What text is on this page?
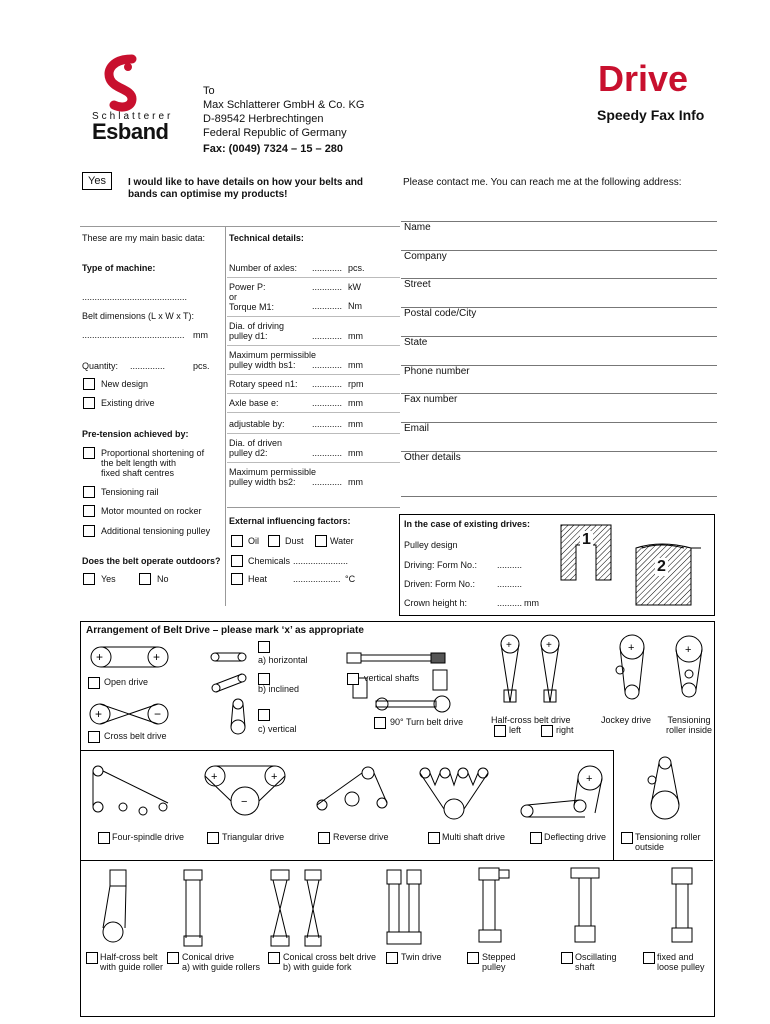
Schlatterer
Esband
To
Max Schlatterer GmbH & Co. KG
D-89542 Herbrechtingen
Federal Republic of Germany
Fax: (0049) 7324 – 15 – 280
Drive
Speedy Fax Info
Yes	I would like to have details on how your belts and bands can optimise my products!
Please contact me. You can reach me at the following address:
These are my main basic data:
Type of machine:
..........................................
Belt dimensions (L x W x T):
......................................... mm
Quantity: ..............	pcs.
New design
Existing drive
Pre-tension achieved by:
Proportional shortening of
the belt length with
fixed shaft centres
Tensioning rail
Motor mounted on rocker
Additional tensioning pulley
Does the belt operate outdoors?
Yes	No
Technical details:
Number of axles: ............ pcs.
Power P:
or
Torque M1:
............ kW
............ Nm
Dia. of driving
pulley d1:	............ mm
Maximum permissible
pulley width bs1:	............ mm
Rotary speed n1: ............ rpm
Axle base e:	............ mm
adjustable by:	............ mm
Dia. of driven
pulley d2:	............ mm
Maximum permissible
pulley width bs2:	............ mm
External influencing factors:
Oil	Dust	Water
Chemicals ......................
Heat	................... °C
Name
Company
Street
Postal code/City
State
Phone number
Fax number
Email
Other details
In the case of existing drives:
Pulley design
Driving: Form No.: ..........
Driven: Form No.: ..........
Crown height h:	.......... mm
1
2
Arrangement of Belt Drive – please mark ‘x’ as appropriate
+	+
Open drive
+	−
Cross belt drive
a) horizontal
b) inclined
c) vertical
vertical shafts
90° Turn belt drive
+	+
Half-cross belt drive
left	right
+
Jockey drive
+
Tensioning
roller inside
Four-spindle drive
+	+
−
Triangular drive	Reverse drive	Multi shaft drive
+
Deflecting drive	Tensioning roller
outside
Half-cross belt
with guide roller
Conical drive
a) with guide rollers
Conical cross belt drive
b) with guide fork
Twin drive	Stepped
pulley
Oscillating
shaft
fixed and
loose pulley
